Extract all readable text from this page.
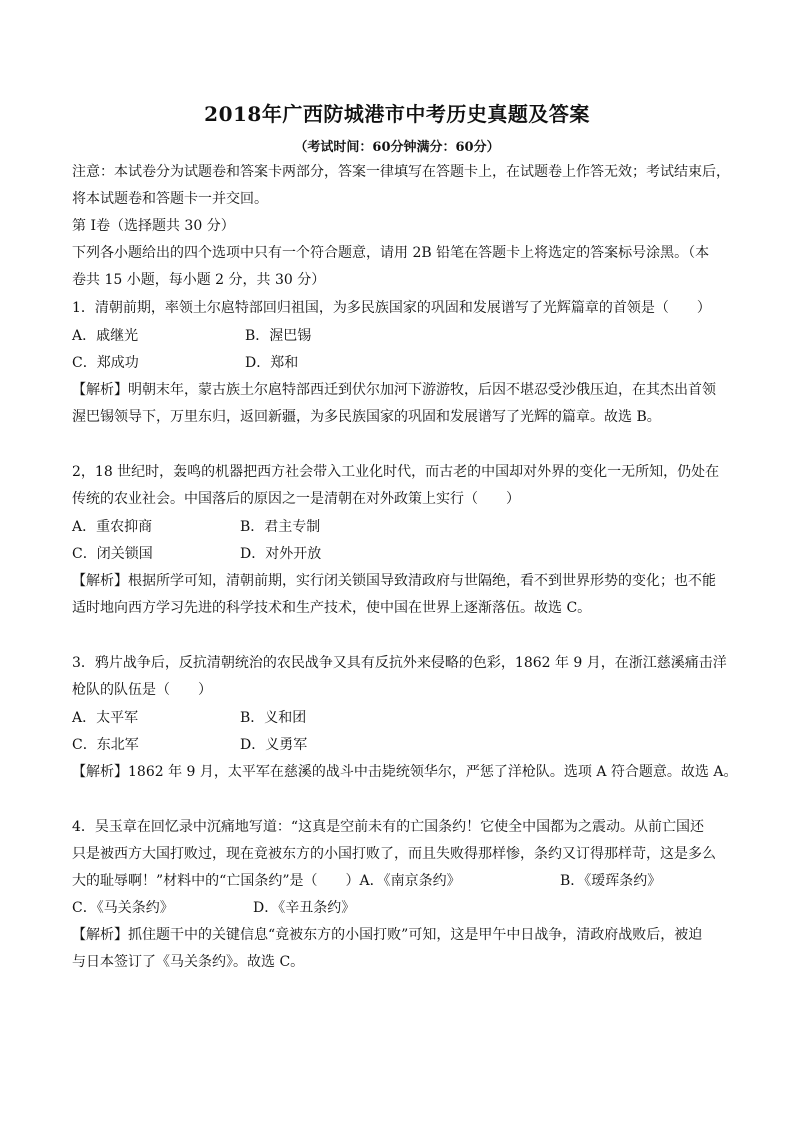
2018年广西防城港市中考历史真题及答案
（考试时间：60分钟满分：60分）
注意：本试卷分为试题卷和答案卡两部分，答案一律填写在答题卡上，在试题卷上作答无效；考试结束后，
将本试题卷和答题卡一并交回。
第 Ⅰ卷（选择题共 30 分）
下列各小题给出的四个选项中只有一个符合题意，请用 2B 铅笔在答题卡上将选定的答案标号涂黑。（本
卷共 15 小题，每小题 2 分，共 30 分）
1．清朝前期，率领土尔扈特部回归祖国，为多民族国家的巩固和发展谱写了光辉篇章的首领是（　　）
A．戚继光	B．渥巴锡
C．郑成功	D．郑和
【解析】明朝末年，蒙古族土尔扈特部西迁到伏尔加河下游游牧，后因不堪忍受沙俄压迫，在其杰出首领
渥巴锡领导下，万里东归，返回新疆，为多民族国家的巩固和发展谱写了光辉的篇章。故选 B。
2，18 世纪时，轰鸣的机器把西方社会带入工业化时代，而古老的中国却对外界的变化一无所知，仍处在
传统的农业社会。中国落后的原因之一是清朝在对外政策上实行（　　）
A．重农抑商	B．君主专制
C．闭关锁国	D．对外开放
【解析】根据所学可知，清朝前期，实行闭关锁国导致清政府与世隔绝，看不到世界形势的变化；也不能
适时地向西方学习先进的科学技术和生产技术，使中国在世界上逐渐落伍。故选 C。
3．鸦片战争后，反抗清朝统治的农民战争又具有反抗外来侵略的色彩，1862 年 9 月，在浙江慈溪痛击洋
枪队的队伍是（　　）
A．太平军	B．义和团
C．东北军	D．义勇军
【解析】1862 年 9 月，太平军在慈溪的战斗中击毙统领华尔，严惩了洋枪队。选项 A 符合题意。故选 A。
4．吴玉章在回忆录中沉痛地写道：“这真是空前未有的亡国条约！它使全中国都为之震动。从前亡国还
只是被西方大国打败过，现在竟被东方的小国打败了，而且失败得那样惨，条约又订得那样苛，这是多么
大的耻辱啊！”材料中的“亡国条约”是（　　）A．《南京条约》	B．《瑷珲条约》
C．《马关条约》	D．《辛丑条约》
【解析】抓住题干中的关键信息“竟被东方的小国打败”可知，这是甲午中日战争，清政府战败后，被迫
与日本签订了《马关条约》。故选 C。
